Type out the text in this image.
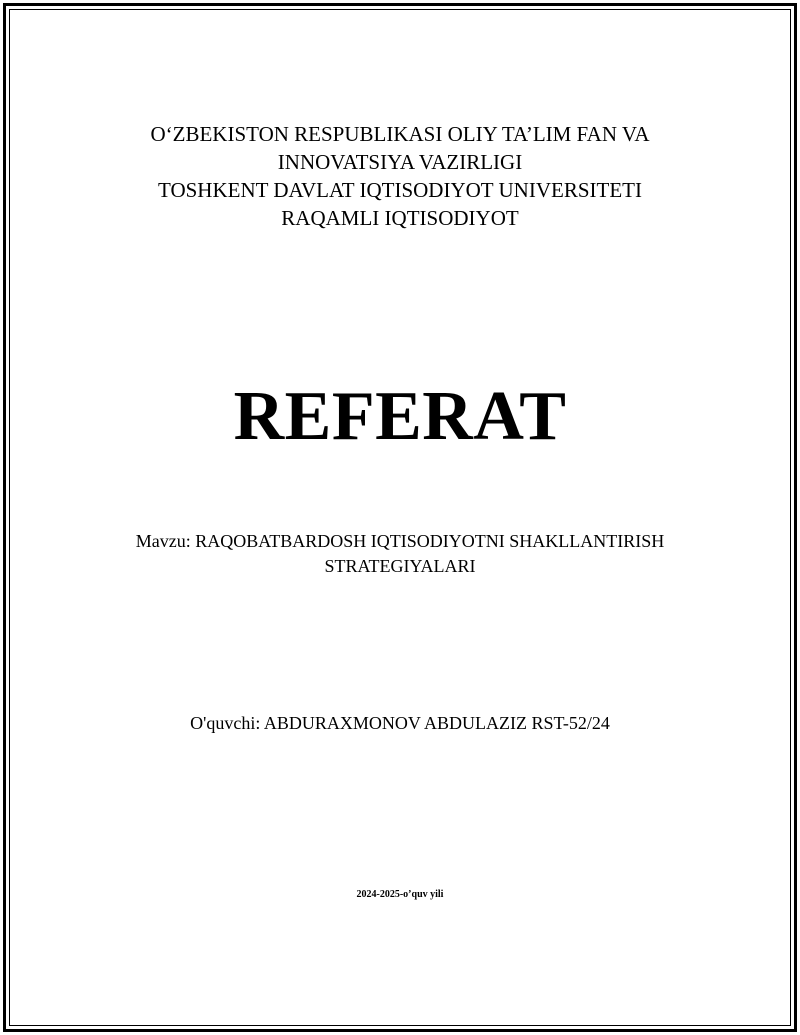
O‘ZBEKISTON RESPUBLIKASI OLIY TA’LIM FAN VA
INNOVATSIYA VAZIRLIGI
TOSHKENT DAVLAT IQTISODIYOT UNIVERSITETI
RAQAMLI IQTISODIYOT
REFERAT
Mavzu: RAQOBATBARDOSH IQTISODIYOTNI SHAKLLANTIRISH
STRATEGIYALARI
O'quvchi: ABDURAXMONOV ABDULAZIZ RST-52/24
2024-2025-o’quv yili
